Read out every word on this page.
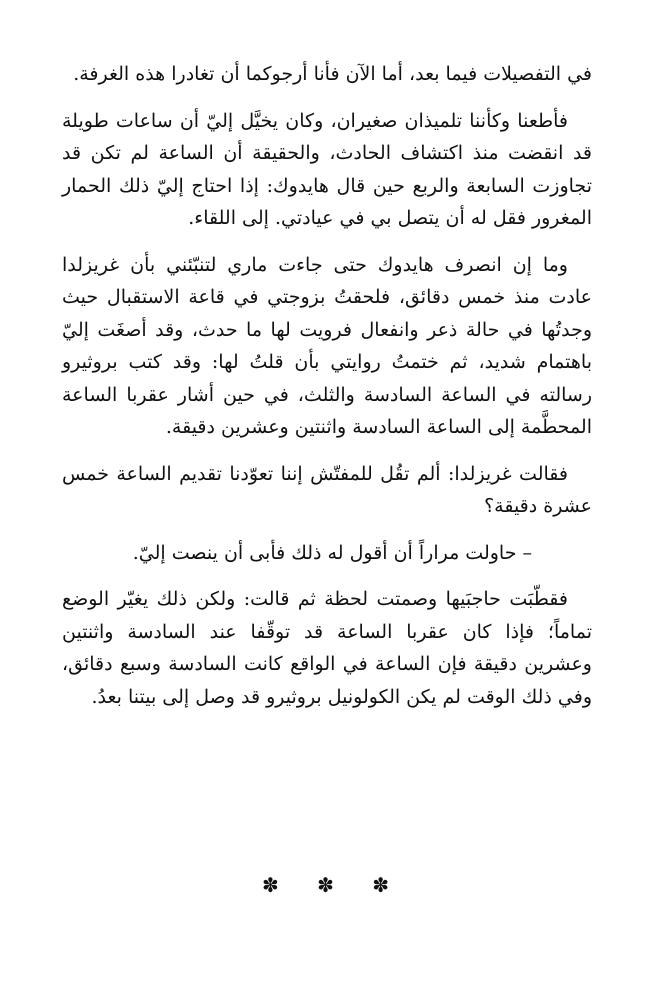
في التفصيلات فيما بعد، أما الآن فأنا أرجوكما أن تغادرا هذه الغرفة.

فأطعنا وكأننا تلميذان صغيران، وكان يخيَّل إليّ أن ساعات طويلة قد انقضت منذ اكتشاف الحادث، والحقيقة أن الساعة لم تكن قد تجاوزت السابعة والربع حين قال هايدوك: إذا احتاج إليّ ذلك الحمار المغرور فقل له أن يتصل بي في عيادتي. إلى اللقاء.

وما إن انصرف هايدوك حتى جاءت ماري لتنبّئني بأن غريزلدا عادت منذ خمس دقائق، فلحقتُ بزوجتي في قاعة الاستقبال حيث وجدتُها في حالة ذعر وانفعال فرويت لها ما حدث، وقد أصغَت إليّ باهتمام شديد، ثم ختمتُ روايتي بأن قلتُ لها: وقد كتب بروثيرو رسالته في الساعة السادسة والثلث، في حين أشار عقربا الساعة المحطَّمة إلى الساعة السادسة واثنتين وعشرين دقيقة.

فقالت غريزلدا: ألم تقُل للمفتّش إننا تعوّدنا تقديم الساعة خمس عشرة دقيقة؟

– حاولت مراراً أن أقول له ذلك فأبى أن ينصت إليّ.

فقطّبَت حاجبَيها وصمتت لحظة ثم قالت: ولكن ذلك يغيّر الوضع تماماً؛ فإذا كان عقربا الساعة قد توقّفا عند السادسة واثنتين وعشرين دقيقة فإن الساعة في الواقع كانت السادسة وسبع دقائق، وفي ذلك الوقت لم يكن الكولونيل بروثيرو قد وصل إلى بيتنا بعدُ.

✽ ✽ ✽
